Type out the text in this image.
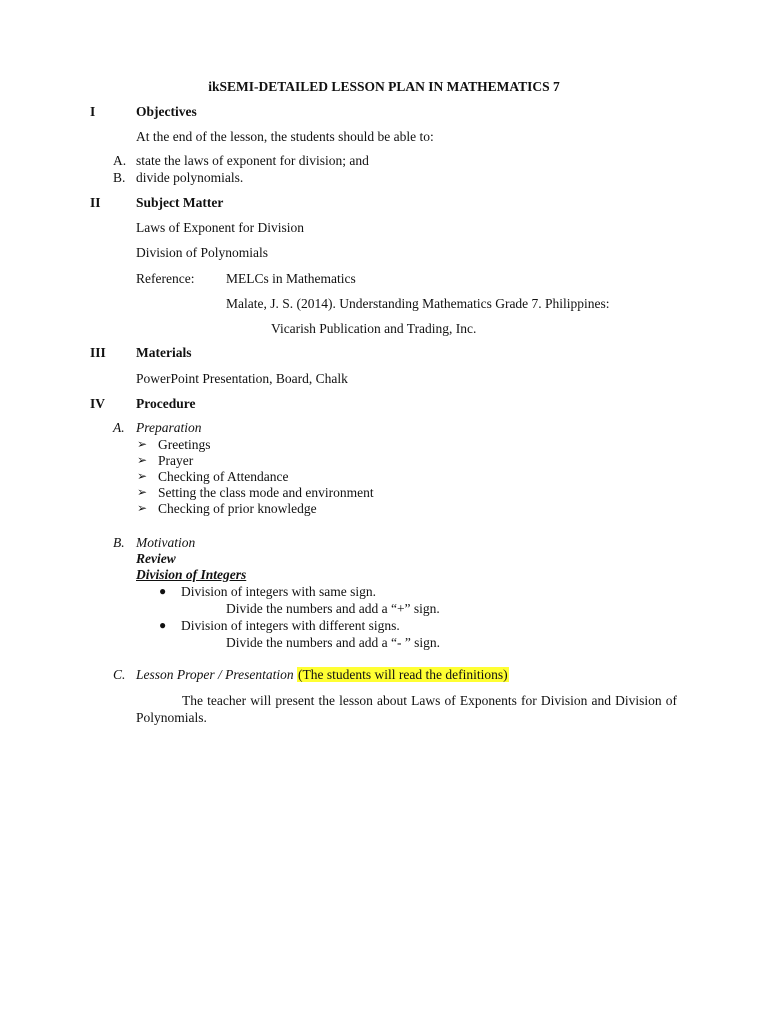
ikSEMI-DETAILED LESSON PLAN IN MATHEMATICS 7
I	Objectives
At the end of the lesson, the students should be able to:
A. state the laws of exponent for division; and
B. divide polynomials.
II	Subject Matter
Laws of Exponent for Division
Division of Polynomials
Reference: MELCs in Mathematics
Malate, J. S. (2014). Understanding Mathematics Grade 7. Philippines:
Vicarish Publication and Trading, Inc.
III Materials
PowerPoint Presentation, Board, Chalk
IV Procedure
A. Preparation
➢ Greetings
➢ Prayer
➢ Checking of Attendance
➢ Setting the class mode and environment
➢ Checking of prior knowledge
B. Motivation
Review
Division of Integers
● Division of integers with same sign.
Divide the numbers and add a “+” sign.
● Division of integers with different signs.
Divide the numbers and add a “- ” sign.
C. Lesson Proper / Presentation (The students will read the definitions)
The teacher will present the lesson about Laws of Exponents for Division and Division of Polynomials.
